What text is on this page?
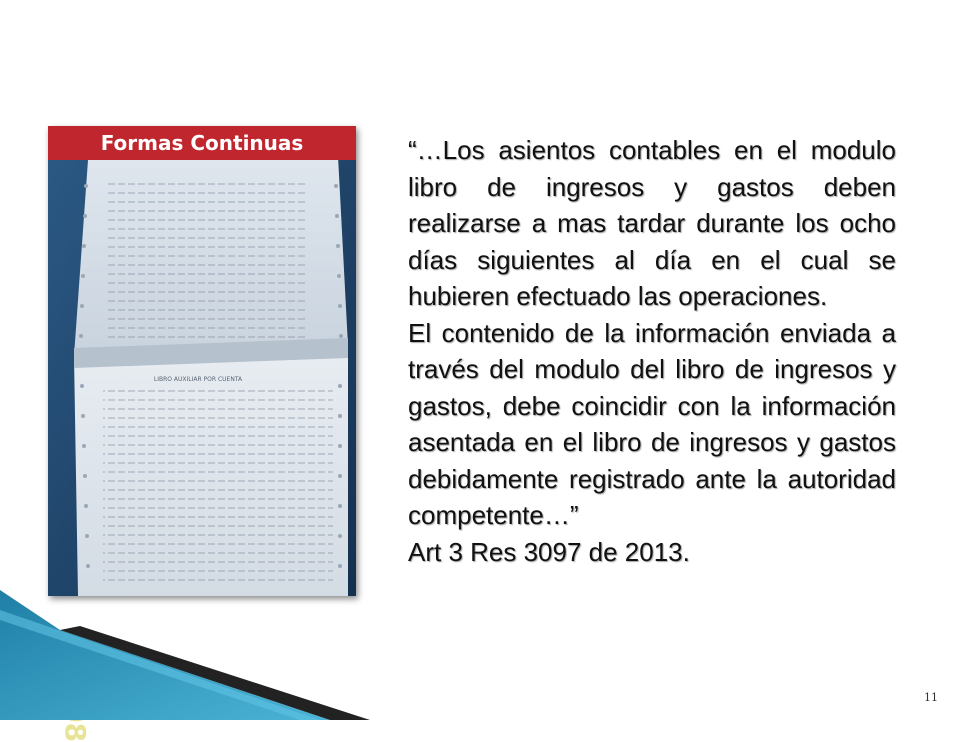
LIBRO AUXILIAR POR CUENTA
Formas Continuas	“…Los asientos contables en el modulo libro de ingresos y gastos deben realizarse a mas tardar durante los ocho días siguientes al día en el cual se hubieren efectuado las operaciones.

El contenido de la información enviada a través del modulo del libro de ingresos y gastos, debe coincidir con la información asentada en el libro de ingresos y gastos debidamente registrado ante la autoridad competente…”

Art 3 Res 3097 de 2013.

11
